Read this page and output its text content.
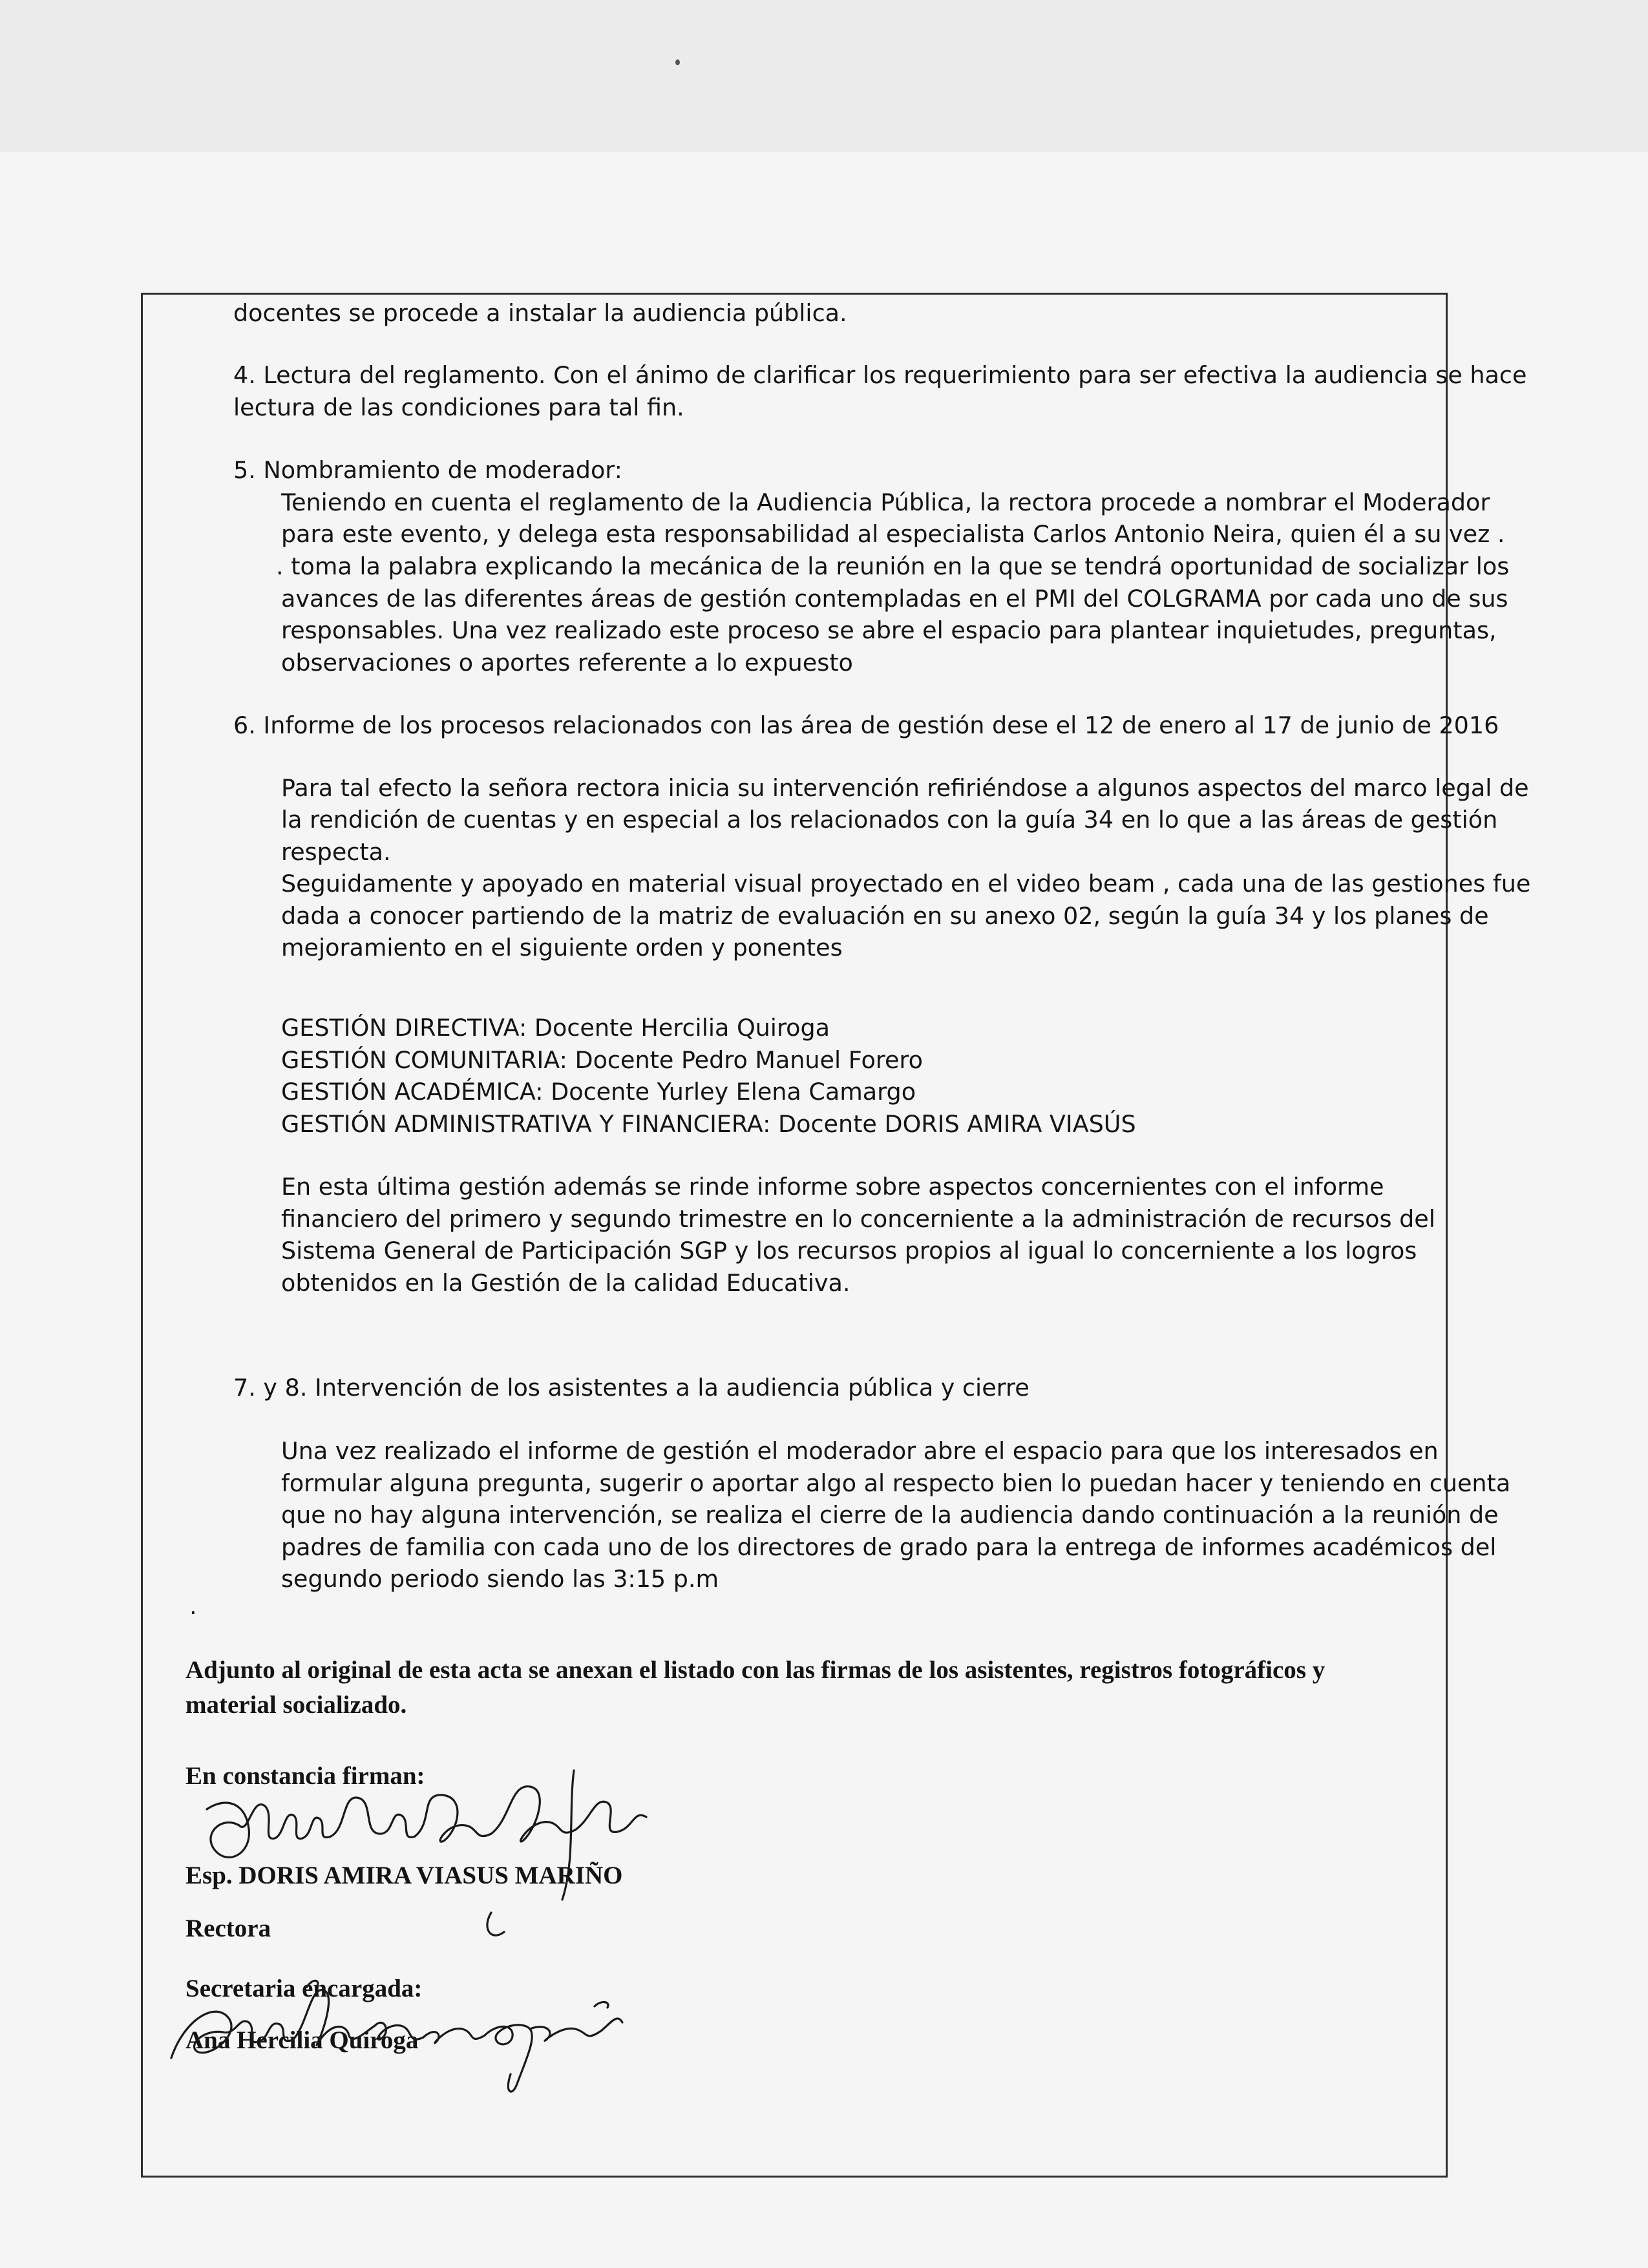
docentes se procede a instalar la audiencia pública.
4. Lectura del reglamento. Con el ánimo de clarificar los requerimiento para ser efectiva la audiencia se hace
lectura de las condiciones para tal fin.
5. Nombramiento de moderador:
Teniendo en cuenta el reglamento de la Audiencia Pública, la rectora procede a nombrar el Moderador
para este evento, y delega esta responsabilidad al especialista Carlos Antonio Neira, quien él a su vez .
. toma la palabra explicando la mecánica de la reunión en la que se tendrá oportunidad de socializar los
avances de las diferentes áreas de gestión contempladas en el PMI del COLGRAMA por cada uno de sus
responsables. Una vez realizado este proceso se abre el espacio para plantear inquietudes, preguntas,
observaciones o aportes referente a lo expuesto
6. Informe de los procesos relacionados con las área de gestión dese el 12 de enero al 17 de junio de 2016
Para tal efecto la señora rectora inicia su intervención refiriéndose a algunos aspectos del marco legal de
la rendición de cuentas y en especial a los relacionados con la guía 34 en lo que a las áreas de gestión
respecta.
Seguidamente y apoyado en material visual proyectado en el video beam , cada una de las gestiones fue
dada a conocer partiendo de la matriz de evaluación en su anexo 02, según la guía 34 y los planes de
mejoramiento en el siguiente orden y ponentes
GESTIÓN DIRECTIVA: Docente Hercilia Quiroga
GESTIÓN COMUNITARIA: Docente Pedro Manuel Forero
GESTIÓN ACADÉMICA: Docente Yurley Elena Camargo
GESTIÓN ADMINISTRATIVA Y FINANCIERA: Docente DORIS AMIRA VIASÚS
En esta última gestión además se rinde informe sobre aspectos concernientes con el informe
financiero del primero y segundo trimestre en lo concerniente a la administración de recursos del
Sistema General de Participación SGP y los recursos propios al igual lo concerniente a los logros
obtenidos en la Gestión de la calidad Educativa.
7. y 8. Intervención de los asistentes a la audiencia pública y cierre
Una vez realizado el informe de gestión el moderador abre el espacio para que los interesados en
formular alguna pregunta, sugerir o aportar algo al respecto bien lo puedan hacer y teniendo en cuenta
que no hay alguna intervención, se realiza el cierre de la audiencia dando continuación a la reunión de
padres de familia con cada uno de los directores de grado para la entrega de informes académicos del
segundo periodo siendo las 3:15 p.m
.
Adjunto al original de esta acta se anexan el listado con las firmas de los asistentes, registros fotográficos y
material socializado.
En constancia firman:
Esp. DORIS AMIRA VIASUS MARIÑO
Rectora
Secretaria encargada:
Ana Hercilia Quiroga
